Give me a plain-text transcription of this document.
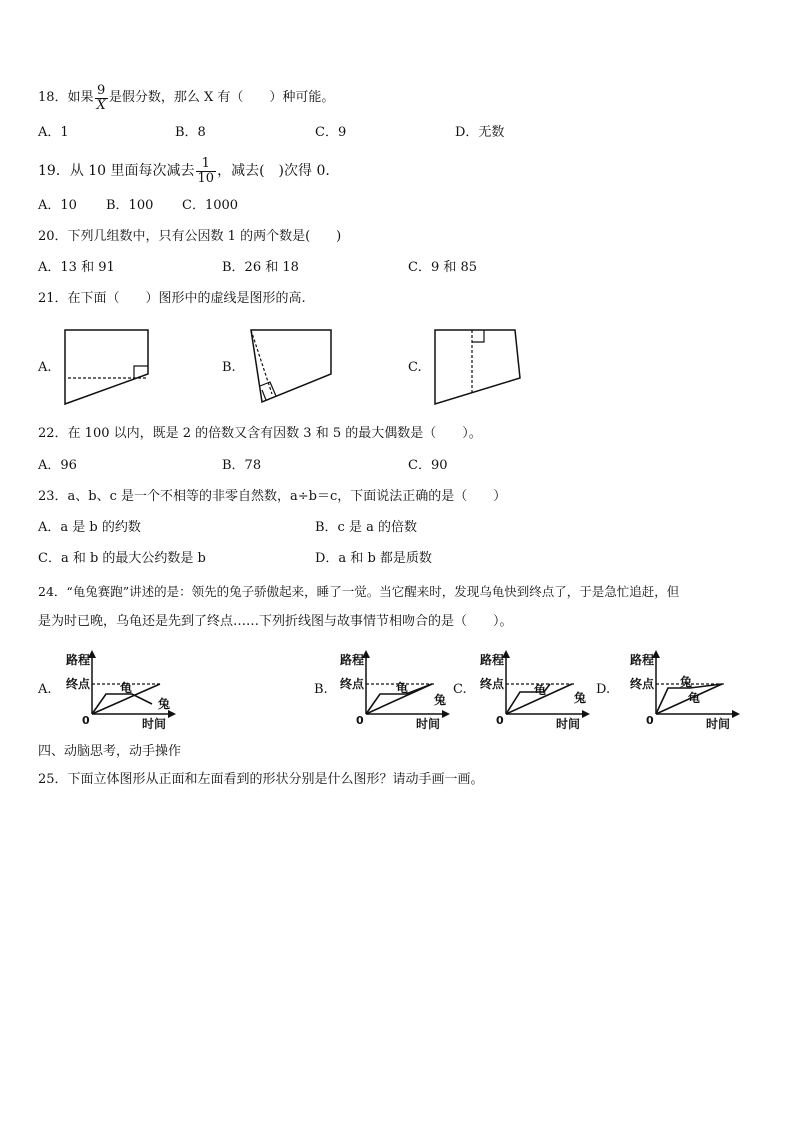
18．如果 $\frac{9}{X}$ 是假分数，那么 X 有（　　）种可能。
A．1	B．8	C．9	D．无数
19．从 10 里面每次减去 $\frac{1}{10}$ ，减去(　)次得 0.
A．10 B．100 C．1000
20．下列几组数中，只有公因数 1 的两个数是(　　)
A．13 和 91	B．26 和 18	C．9 和 85
21．在下面（　　）图形中的虚线是图形的高.
A.	B.	C.
22．在 100 以内，既是 2 的倍数又含有因数 3 和 5 的最大偶数是（　　）。
A．96	B．78	C．90
23．a、b、c 是一个不相等的非零自然数，a÷b＝c，下面说法正确的是（　　）
A．a 是 b 的约数	B．c 是 a 的倍数
C．a 和 b 的最大公约数是 b	D．a 和 b 都是质数
24．“龟兔赛跑”讲述的是：领先的兔子骄傲起来，睡了一觉。当它醒来时，发现乌龟快到终点了，于是急忙追赶，但
是为时已晚，乌龟还是先到了终点……下列折线图与故事情节相吻合的是（　　）。
A.	B.	C.	D.
路程
终点
0	时间
龟
兔
路程
终点
0	时间
龟
兔
路程
终点
0	时间
龟
兔
路程
终点
0	时间
龟
兔
四、动脑思考，动手操作
25．下面立体图形从正面和左面看到的形状分别是什么图形？请动手画一画。
